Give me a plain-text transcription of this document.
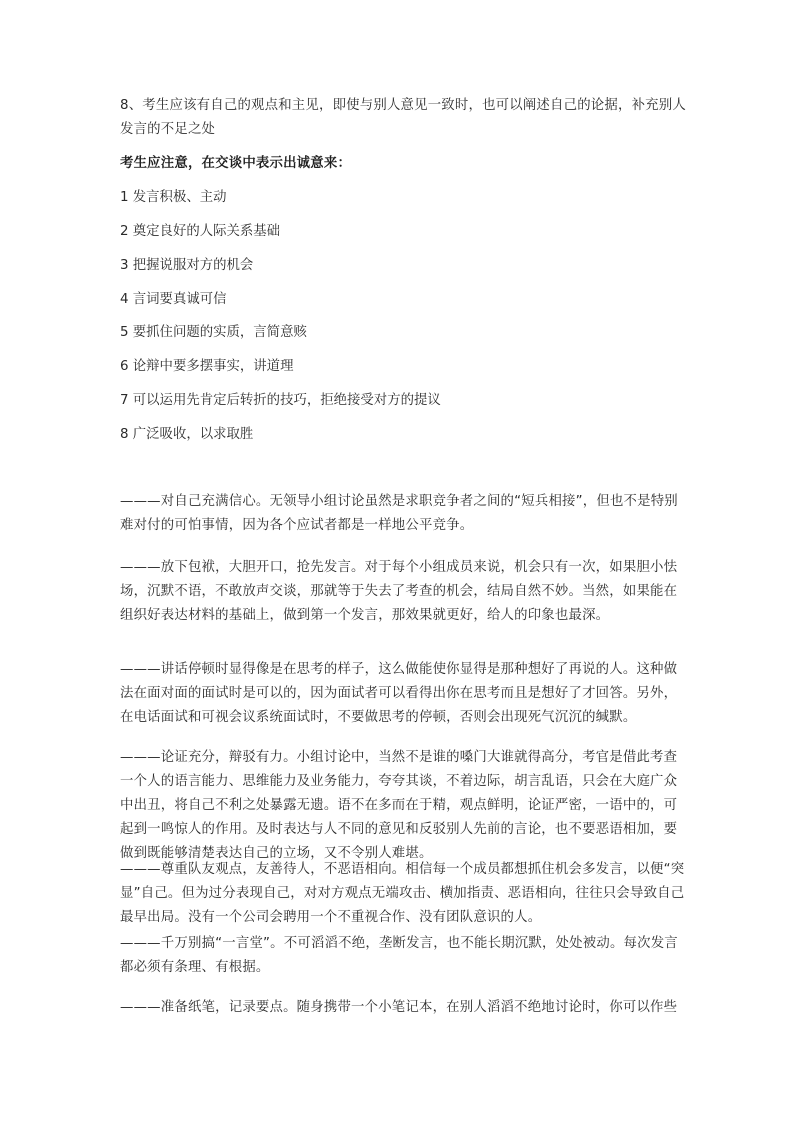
8、考生应该有自己的观点和主见，即使与别人意见一致时，也可以阐述自己的论据，补充别人发言的不足之处

考生应注意，在交谈中表示出诚意来：

1 发言积极、主动

2 奠定良好的人际关系基础

3 把握说服对方的机会

4 言词要真诚可信

5 要抓住问题的实质，言简意赅

6 论辩中要多摆事实，讲道理

7 可以运用先肯定后转折的技巧，拒绝接受对方的提议

8 广泛吸收，以求取胜

———对自己充满信心。无领导小组讨论虽然是求职竞争者之间的“短兵相接”，但也不是特别难对付的可怕事情，因为各个应试者都是一样地公平竞争。

———放下包袱，大胆开口，抢先发言。对于每个小组成员来说，机会只有一次，如果胆小怯场，沉默不语，不敢放声交谈，那就等于失去了考查的机会，结局自然不妙。当然，如果能在组织好表达材料的基础上，做到第一个发言，那效果就更好，给人的印象也最深。

———讲话停顿时显得像是在思考的样子，这么做能使你显得是那种想好了再说的人。这种做法在面对面的面试时是可以的，因为面试者可以看得出你在思考而且是想好了才回答。另外，在电话面试和可视会议系统面试时，不要做思考的停顿，否则会出现死气沉沉的缄默。

———论证充分，辩驳有力。小组讨论中，当然不是谁的嗓门大谁就得高分，考官是借此考查一个人的语言能力、思维能力及业务能力，夸夸其谈，不着边际，胡言乱语，只会在大庭广众中出丑，将自己不利之处暴露无遗。语不在多而在于精，观点鲜明，论证严密，一语中的，可起到一鸣惊人的作用。及时表达与人不同的意见和反驳别人先前的言论，也不要恶语相加，要做到既能够清楚表达自己的立场，又不令别人难堪。

———尊重队友观点，友善待人，不恶语相向。相信每一个成员都想抓住机会多发言，以便“突显”自己。但为过分表现自己，对对方观点无端攻击、横加指责、恶语相向，往往只会导致自己最早出局。没有一个公司会聘用一个不重视合作、没有团队意识的人。

———千万别搞“一言堂”。不可滔滔不绝，垄断发言，也不能长期沉默，处处被动。每次发言都必须有条理、有根据。

———准备纸笔，记录要点。随身携带一个小笔记本，在别人滔滔不绝地讨论时，你可以作些
